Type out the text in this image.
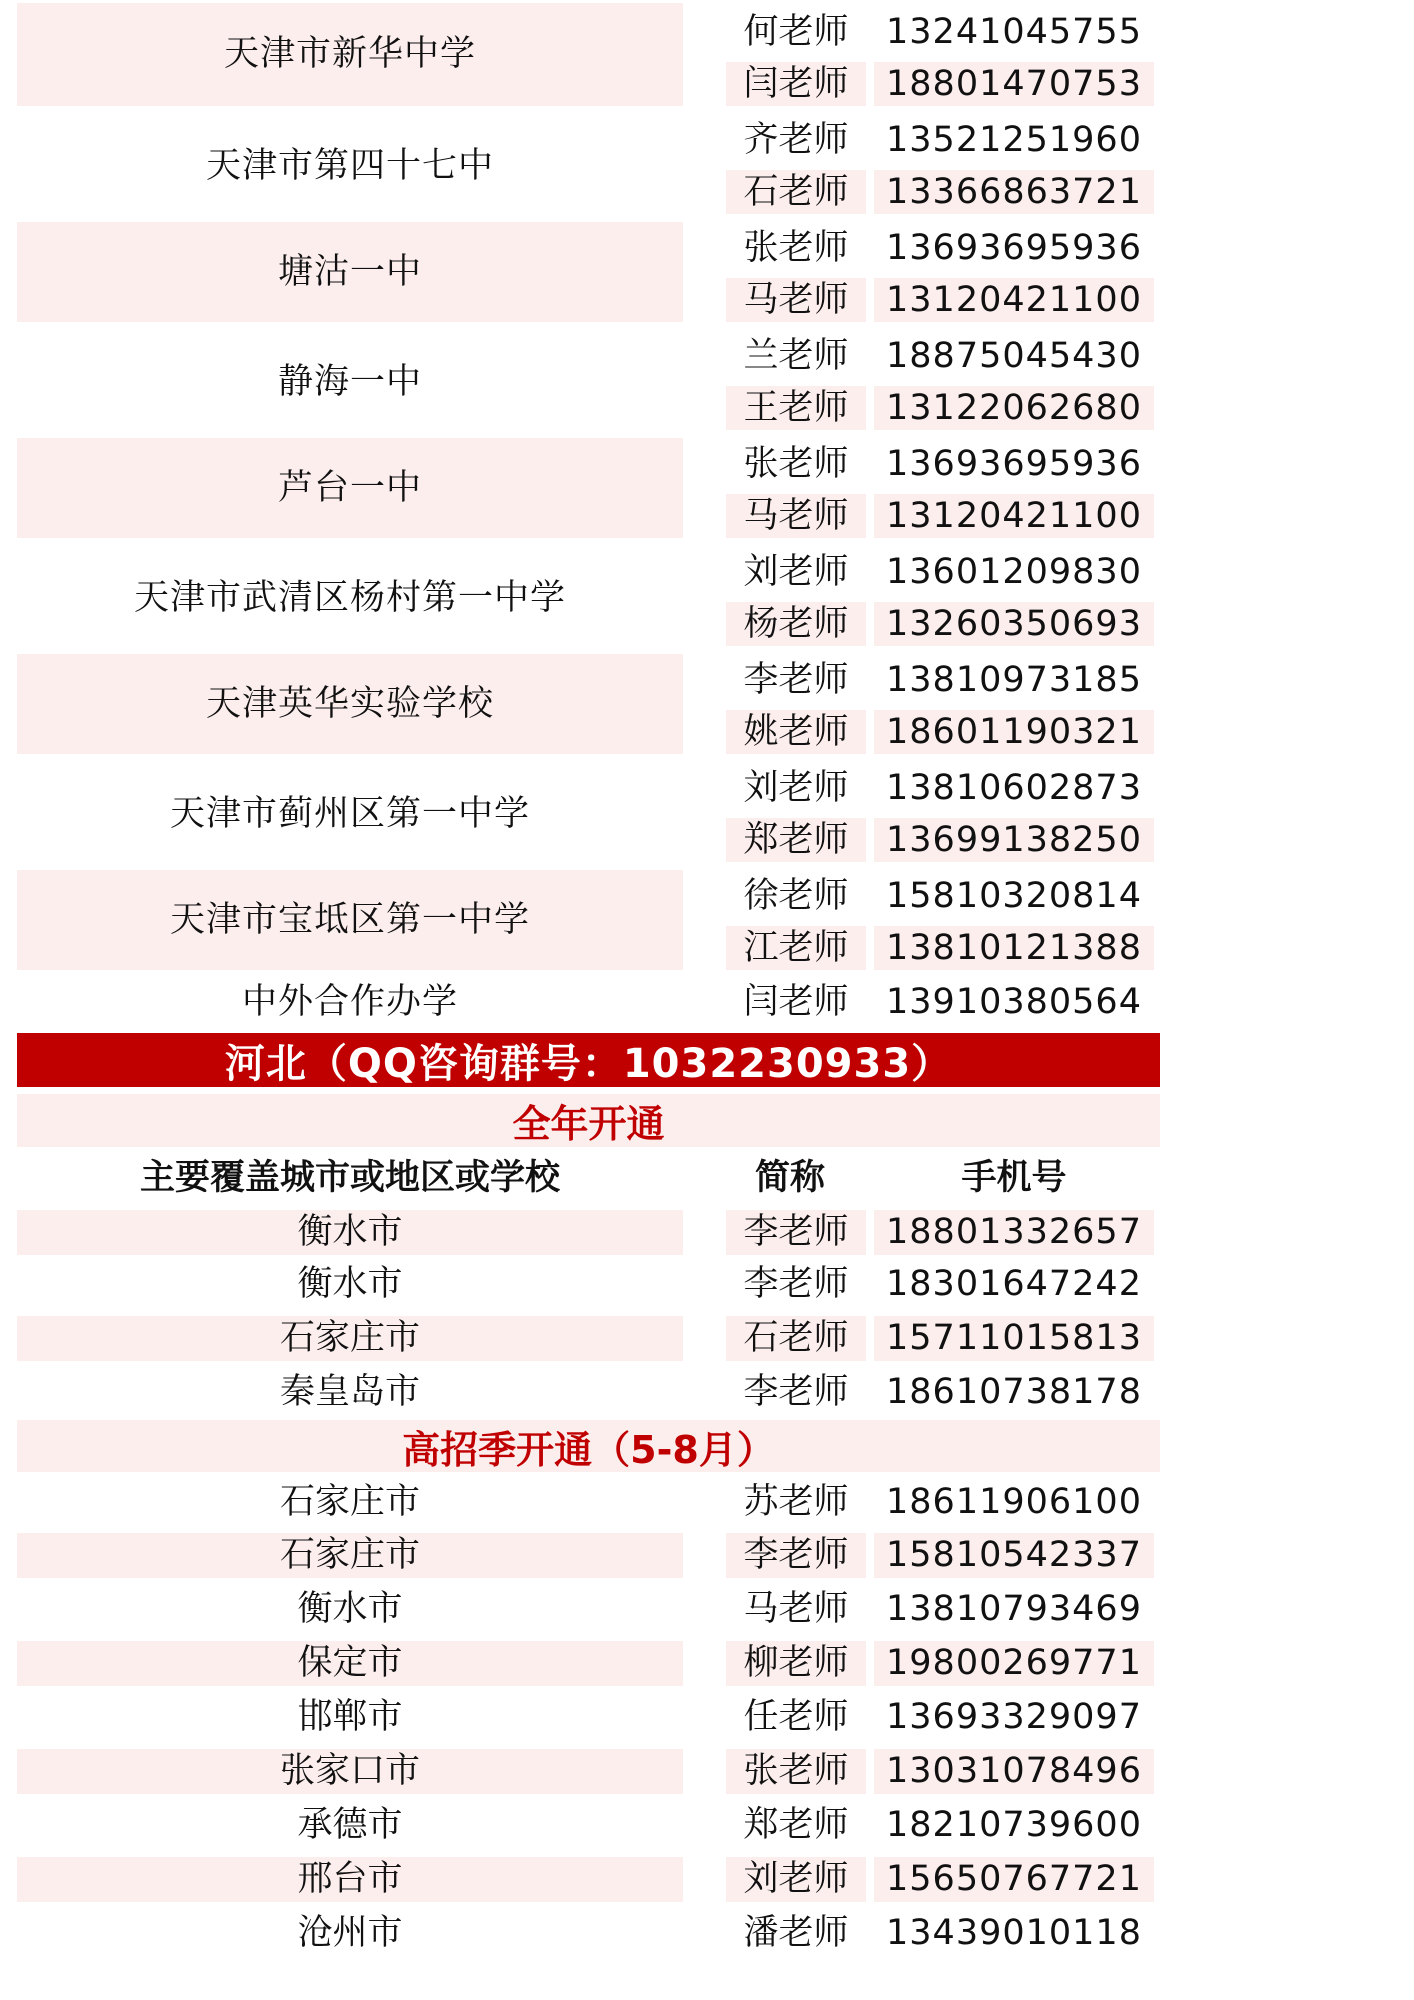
天津市新华中学
何老师	13241045755
闫老师	18801470753
天津市第四十七中
齐老师	13521251960
石老师	13366863721
塘沽一中
张老师	13693695936
马老师	13120421100
静海一中
兰老师	18875045430
王老师	13122062680
芦台一中
张老师	13693695936
马老师	13120421100
天津市武清区杨村第一中学
刘老师	13601209830
杨老师	13260350693
天津英华实验学校
李老师	13810973185
姚老师	18601190321
天津市蓟州区第一中学
刘老师	13810602873
郑老师	13699138250
天津市宝坻区第一中学
徐老师	15810320814
江老师	13810121388
中外合作办学	闫老师	13910380564
河北（QQ咨询群号：1032230933）
全年开通
主要覆盖城市或地区或学校	简称	手机号
衡水市	李老师	18801332657
衡水市	李老师	18301647242
石家庄市	石老师	15711015813
秦皇岛市	李老师	18610738178
高招季开通（5-8月）
石家庄市	苏老师	18611906100
石家庄市	李老师	15810542337
衡水市	马老师	13810793469
保定市	柳老师	19800269771
邯郸市	任老师	13693329097
张家口市	张老师	13031078496
承德市	郑老师	18210739600
邢台市	刘老师	15650767721
沧州市	潘老师	13439010118
